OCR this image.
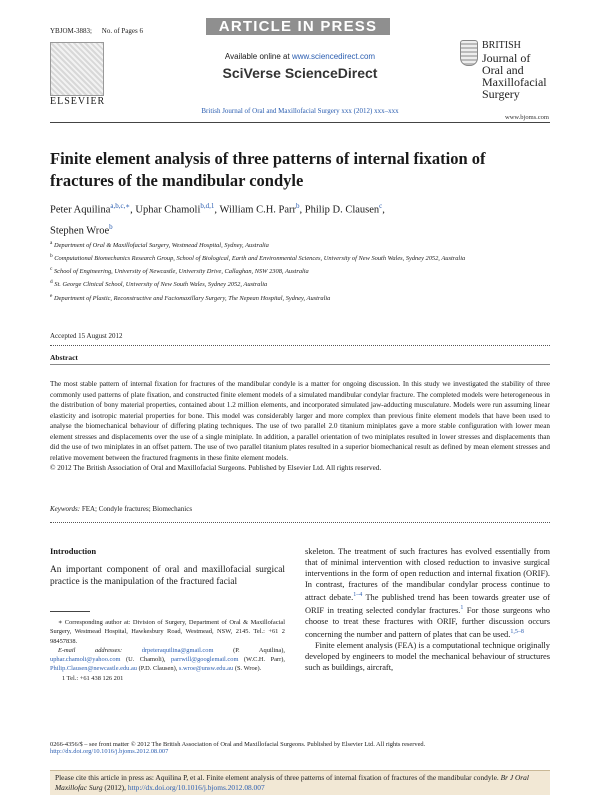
YBJOM-3883; No. of Pages 6	ARTICLE IN PRESS
ELSEVIER
Available online at www.sciencedirect.com
SciVerse ScienceDirect
British Journal of Oral and Maxillofacial Surgery xxx (2012) xxx–xxx
BRITISH
Journal of
Oral and
Maxillofacial
Surgery
www.bjoms.com
Finite element analysis of three patterns of internal fixation of fractures of the mandibular condyle
Peter Aquilina$^{a,b,c,∗}$, Uphar Chamoli$^{b,d,1}$, William C.H. Parr$^b$, Philip D. Clausen$^c$,
Stephen Wroe$^b$
$^a$ Department of Oral & Maxillofacial Surgery, Westmead Hospital, Sydney, Australia
$^b$ Computational Biomechanics Research Group, School of Biological, Earth and Environmental Sciences, University of New South Wales, Sydney 2052, Australia
$^c$ School of Engineering, University of Newcastle, University Drive, Callaghan, NSW 2308, Australia
$^d$ St. George Clinical School, University of New South Wales, Sydney 2052, Australia
$^e$ Department of Plastic, Reconstructive and Faciomaxillary Surgery, The Nepean Hospital, Sydney, Australia
Accepted 15 August 2012
Abstract
The most stable pattern of internal fixation for fractures of the mandibular condyle is a matter for ongoing discussion. In this study we investigated the stability of three commonly used patterns of plate fixation, and constructed finite element models of a simulated mandibular condylar fracture. The completed models were heterogeneous in the distribution of bony material properties, contained about 1.2 million elements, and incorporated simulated jaw-adducting musculature. Models were run assuming linear elasticity and isotropic material properties for bone. This model was considerably larger and more complex than previous finite element models that have been used to analyse the biomechanical behaviour of differing plating techniques. The use of two parallel 2.0 titanium miniplates gave a more stable configuration with lower mean element stresses and displacements over the use of a single miniplate. In addition, a parallel orientation of two miniplates resulted in lower stresses and displacements than did the use of two miniplates in an offset pattern. The use of two parallel titanium plates resulted in a superior biomechanical result as defined by mean element stresses and relative movement between the fractured fragments in these finite element models.
© 2012 The British Association of Oral and Maxillofacial Surgeons. Published by Elsevier Ltd. All rights reserved.
Keywords: FEA; Condyle fractures; Biomechanics
Introduction
An important component of oral and maxillofacial surgical practice is the manipulation of the fractured facial
∗ Corresponding author at: Division of Surgery, Department of Oral & Maxillofacial Surgery, Westmead Hospital, Hawkesbury Road, Westmead, NSW, 2145. Tel.: +61 2 98457838.
E-mail addresses:	drpeteraquilina@gmail.com	(P. Aquilina), uphar.chamoli@yahoo.com (U. Chamoli), parrwill@googlemail.com (W.C.H. Parr), Philip.Clausen@newcastle.edu.au (P.D. Clausen), s.wroe@unsw.edu.au (S. Wroe).
1 Tel.: +61 438 126 201

skeleton. The treatment of such fractures has evolved essentially from that of minimal intervention with closed reduction to invasive surgical interventions in the form of open reduction and internal fixation (ORIF). In contrast, fractures of the mandibular condylar process continue to attract debate.$^{1-4}$ The published trend has been towards greater use of ORIF in treating selected condylar fractures.$^1$ For those surgeons who choose to treat these fractures with ORIF, further discussion occurs concerning the number and pattern of plates that can be used.$^{1,5-8}$

Finite element analysis (FEA) is a computational technique originally developed by engineers to model the mechanical behaviour of structures such as buildings, aircraft,

0266-4356/$ – see front matter © 2012 The British Association of Oral and Maxillofacial Surgeons. Published by Elsevier Ltd. All rights reserved.
http://dx.doi.org/10.1016/j.bjoms.2012.08.007
Please cite this article in press as: Aquilina P, et al. Finite element analysis of three patterns of internal fixation of fractures of the mandibular condyle. Br J Oral Maxillofac Surg (2012), http://dx.doi.org/10.1016/j.bjoms.2012.08.007
